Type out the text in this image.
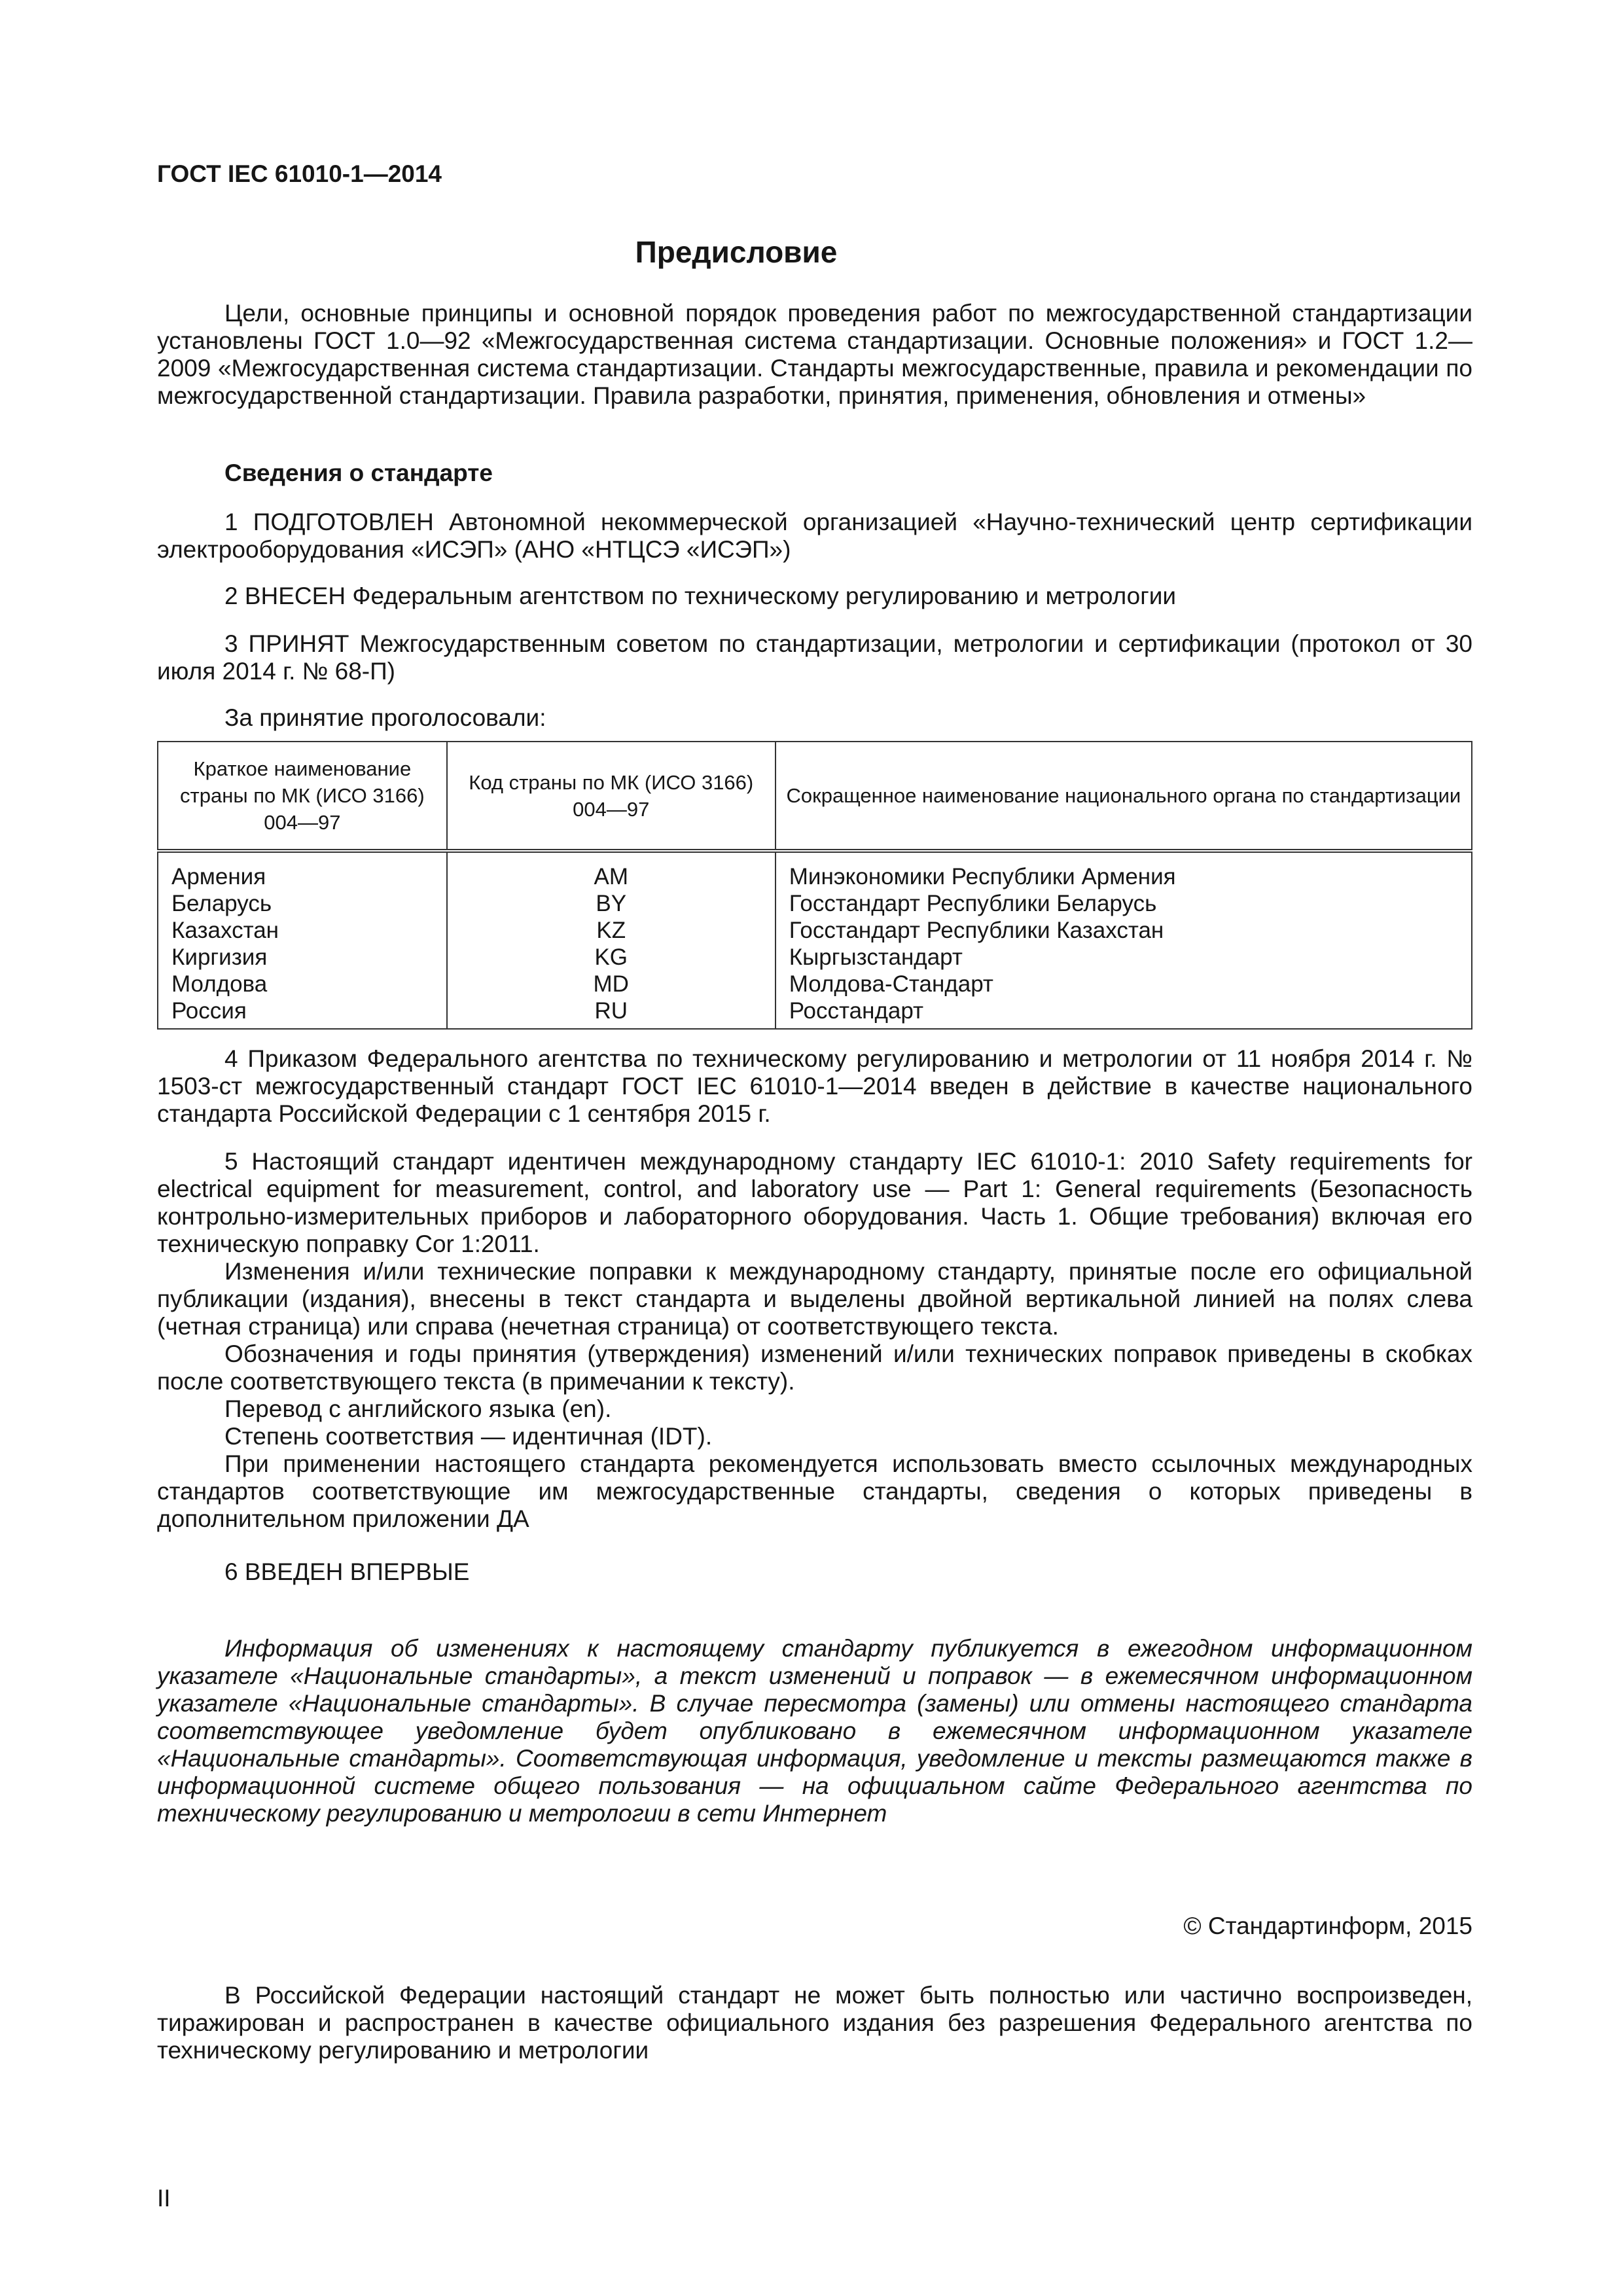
ГОСТ IEC 61010-1—2014
Предисловие

Цели, основные принципы и основной порядок проведения работ по межгосударственной стандартизации установлены ГОСТ 1.0—92 «Межгосударственная система стандартизации. Основные положения» и ГОСТ 1.2—2009 «Межгосударственная система стандартизации. Стандарты межгосударственные, правила и рекомендации по межгосударственной стандартизации. Правила разработки, принятия, применения, обновления и отмены»

Сведения о стандарте

1 ПОДГОТОВЛЕН Автономной некоммерческой организацией «Научно-технический центр сертификации электрооборудования «ИСЭП» (АНО «НТЦСЭ «ИСЭП»)

2 ВНЕСЕН Федеральным агентством по техническому регулированию и метрологии

3 ПРИНЯТ Межгосударственным советом по стандартизации, метрологии и сертификации (протокол от 30 июля 2014 г. № 68-П)

За принятие проголосовали:

Краткое наименование страны по МК (ИСО 3166) 004—97	Код страны по МК (ИСО 3166) 004—97	Сокращенное наименование национального органа по стандартизации
Армения	AM	Минэкономики Республики Армения
Беларусь	BY	Госстандарт Республики Беларусь
Казахстан	KZ	Госстандарт Республики Казахстан
Киргизия	KG	Кыргызстандарт
Молдова	MD	Молдова-Стандарт
Россия	RU	Росстандарт

4 Приказом Федерального агентства по техническому регулированию и метрологии от 11 ноября 2014 г. № 1503-ст межгосударственный стандарт ГОСТ IEC 61010-1—2014 введен в действие в качестве национального стандарта Российской Федерации с 1 сентября 2015 г.

5 Настоящий стандарт идентичен международному стандарту IEC 61010-1: 2010 Safety requirements for electrical equipment for measurement, control, and laboratory use — Part 1: General requirements (Безопасность контрольно-измерительных приборов и лабораторного оборудования. Часть 1. Общие требования) включая его техническую поправку Cor 1:2011.

Изменения и/или технические поправки к международному стандарту, принятые после его официальной публикации (издания), внесены в текст стандарта и выделены двойной вертикальной линией на полях слева (четная страница) или справа (нечетная страница) от соответствующего текста.

Обозначения и годы принятия (утверждения) изменений и/или технических поправок приведены в скобках после соответствующего текста (в примечании к тексту).

Перевод с английского языка (en).

Степень соответствия — идентичная (IDT).

При применении настоящего стандарта рекомендуется использовать вместо ссылочных международных стандартов соответствующие им межгосударственные стандарты, сведения о которых приведены в дополнительном приложении ДА

6 ВВЕДЕН ВПЕРВЫЕ

Информация об изменениях к настоящему стандарту публикуется в ежегодном информационном указателе «Национальные стандарты», а текст изменений и поправок — в ежемесячном информационном указателе «Национальные стандарты». В случае пересмотра (замены) или отмены настоящего стандарта соответствующее уведомление будет опубликовано в ежемесячном информационном указателе «Национальные стандарты». Соответствующая информация, уведомление и тексты размещаются также в информационной системе общего пользования — на официальном сайте Федерального агентства по техническому регулированию и метрологии в сети Интернет

© Стандартинформ, 2015

В Российской Федерации настоящий стандарт не может быть полностью или частично воспроизведен, тиражирован и распространен в качестве официального издания без разрешения Федерального агентства по техническому регулированию и метрологии

II
